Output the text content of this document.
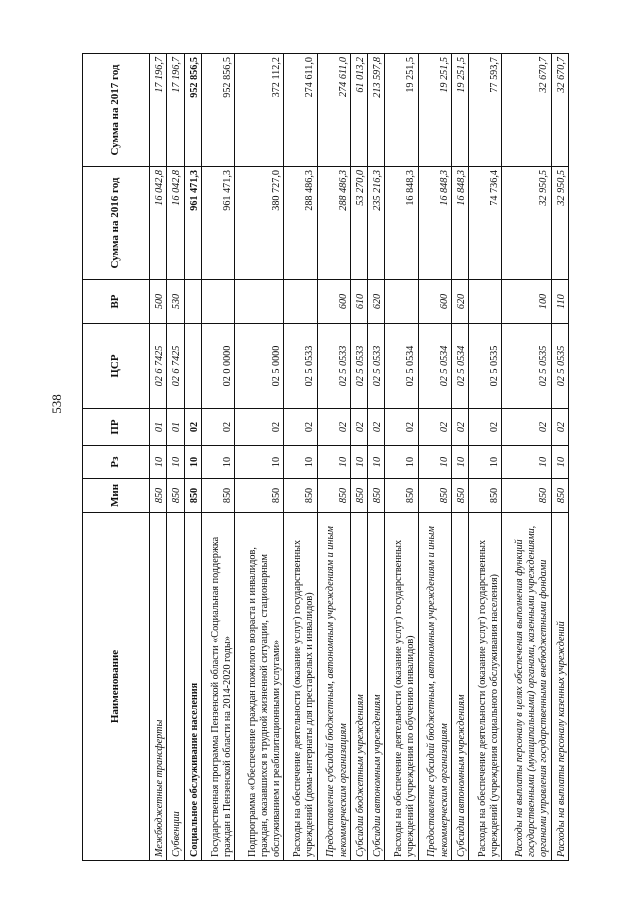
538
Наименование	Мин	Рз	ПР	ЦСР	ВР	Сумма на 2016 год	Сумма на 2017 год
Межбюджетные трансферты	850	10	01	02 6 7425	500	16 042,8	17 196,7
Субвенции	850	10	01	02 6 7425	530	16 042,8	17 196,7
Социальное обслуживание населения	850	10	02			961 471,3	952 856,5
Государственная программа Пензенской области «Социальная поддержка граждан в Пензенской области на 2014-2020 годы»	850	10	02	02 0 0000		961 471,3	952 856,5
Подпрограмма «Обеспечение граждан пожилого возраста и инвалидов, граждан, оказавшихся в трудной жизненной ситуации, стационарным обслуживанием и реабилитационными услугами»	850	10	02	02 5 0000		380 727,0	372 112,2
Расходы на обеспечение деятельности (оказание услуг) государственных учреждений (дома-интернаты для престарелых и инвалидов)	850	10	02	02 5 0533		288 486,3	274 611,0
Предоставление субсидий бюджетным, автономным учреждениям и иным некоммерческим организациям	850	10	02	02 5 0533	600	288 486,3	274 611,0
Субсидии бюджетным учреждениям	850	10	02	02 5 0533	610	53 270,0	61 013,2
Субсидии автономным учреждениям	850	10	02	02 5 0533	620	235 216,3	213 597,8
Расходы на обеспечение деятельности (оказание услуг) государственных учреждений (учреждения по обучению инвалидов)	850	10	02	02 5 0534		16 848,3	19 251,5
Предоставление субсидий бюджетным, автономным учреждениям и иным некоммерческим организациям	850	10	02	02 5 0534	600	16 848,3	19 251,5
Субсидии автономным учреждениям	850	10	02	02 5 0534	620	16 848,3	19 251,5
Расходы на обеспечение деятельности (оказание услуг) государственных учреждений (учреждения социального обслуживания населения)	850	10	02	02 5 0535		74 736,4	77 593,7
Расходы на выплаты персоналу в целях обеспечения выполнения функций государственными (муниципальными) органами, казенными учреждениями, органами управления государственными внебюджетными фондами	850	10	02	02 5 0535	100	32 950,5	32 670,7
Расходы на выплаты персоналу казенных учреждений	850	10	02	02 5 0535	110	32 950,5	32 670,7
